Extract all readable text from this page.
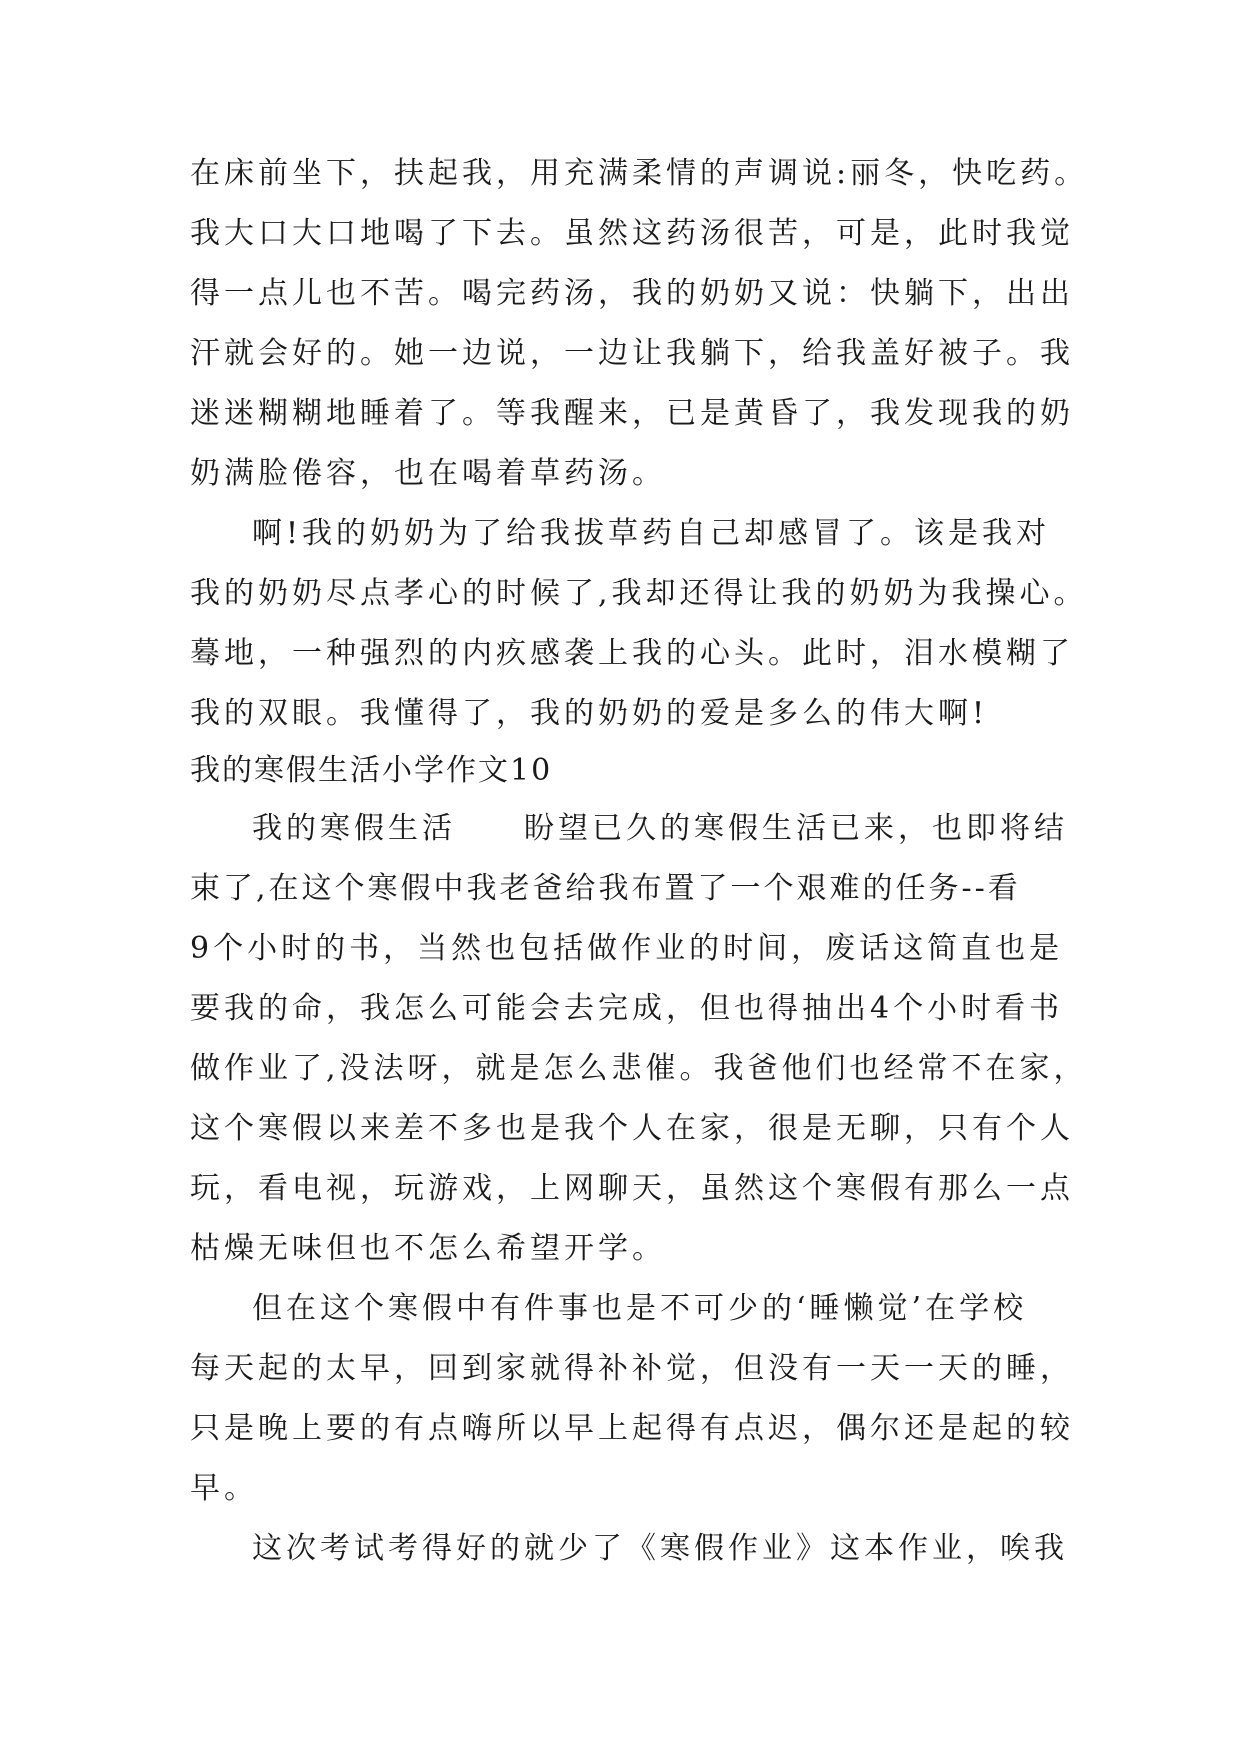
在床前坐下，扶起我，用充满柔情的声调说:丽冬，快吃药。
我大口大口地喝了下去。虽然这药汤很苦，可是，此时我觉
得一点儿也不苦。喝完药汤，我的奶奶又说：快躺下，出出
汗就会好的。她一边说，一边让我躺下，给我盖好被子。我
迷迷糊糊地睡着了。等我醒来，已是黄昏了，我发现我的奶
奶满脸倦容，也在喝着草药汤。
啊!我的奶奶为了给我拔草药自己却感冒了。该是我对
我的奶奶尽点孝心的时候了,我却还得让我的奶奶为我操心。
蓦地，一种强烈的内疚感袭上我的心头。此时，泪水模糊了
我的双眼。我懂得了，我的奶奶的爱是多么的伟大啊!
我的寒假生活小学作文10
我的寒假生活　　盼望已久的寒假生活已来，也即将结
束了,在这个寒假中我老爸给我布置了一个艰难的任务--看
9个小时的书，当然也包括做作业的时间，废话这简直也是
要我的命，我怎么可能会去完成，但也得抽出4个小时看书
做作业了,没法呀，就是怎么悲催。我爸他们也经常不在家，
这个寒假以来差不多也是我个人在家，很是无聊，只有个人
玩，看电视，玩游戏，上网聊天，虽然这个寒假有那么一点
枯燥无味但也不怎么希望开学。
但在这个寒假中有件事也是不可少的‘睡懒觉’在学校
每天起的太早，回到家就得补补觉，但没有一天一天的睡，
只是晚上要的有点嗨所以早上起得有点迟，偶尔还是起的较
早。
这次考试考得好的就少了《寒假作业》这本作业，唉我
